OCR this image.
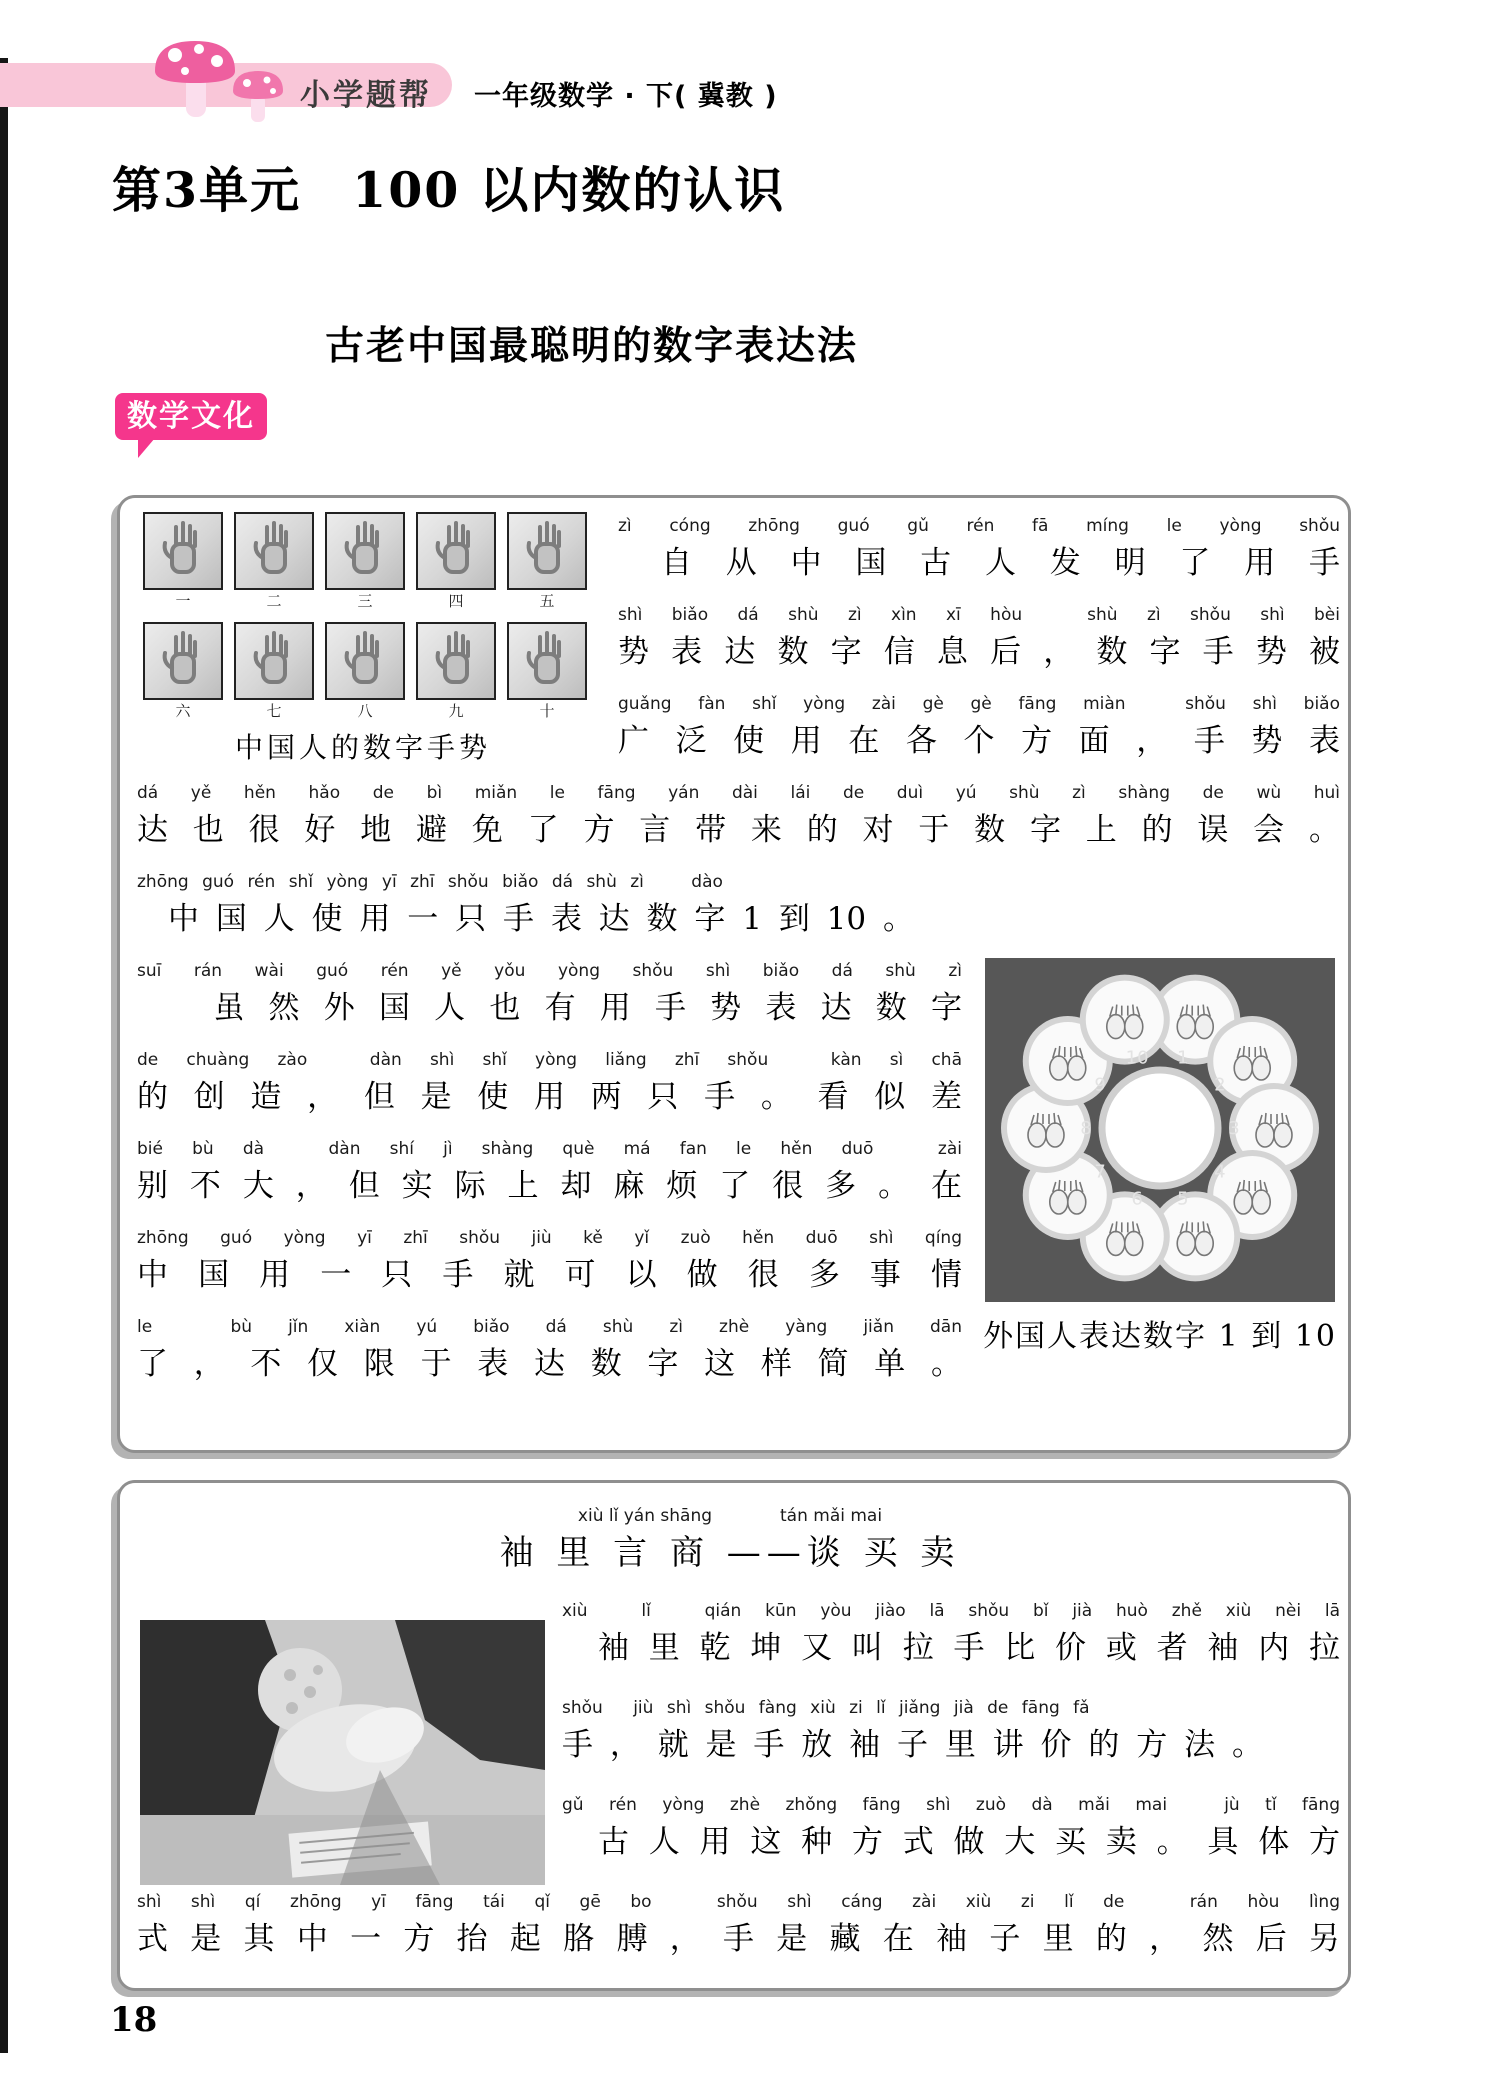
小学题帮 一年级数学 · 下( 冀教 )
第3单元　100 以内数的认识
古老中国最聪明的数字表达法
数学文化
一	二	三	四	五
六	七	八	九	十
中国人的数字手势
zì cóng zhōng guó gǔ rén fā míng le yòng shǒu
　自 从 中 国 古 人 发 明 了 用 手
shì biǎo dá shù zì xìn xī hòu　shù zì shǒu shì bèi
势 表 达 数 字 信 息 后 ， 数 字 手 势 被
guǎng fàn shǐ yòng zài gè gè fāng miàn　shǒu shì biǎo
广 泛 使 用 在 各 个 方 面 ， 手 势 表
dá yě hěn hǎo de bì miǎn le fāng yán dài lái de duì yú shù zì shàng de wù huì
达 也 很 好 地 避 免 了 方 言 带 来 的 对 于 数 字 上 的 误 会 。
zhōng guó rén shǐ yòng yī zhī shǒu biǎo dá shù zì 　　dào
　中 国 人 使 用 一 只 手 表 达 数 字 1 到 10 。
suī rán wài guó rén yě yǒu yòng shǒu shì biǎo dá shù zì
　　虽 然 外 国 人 也 有 用 手 势 表 达 数 字
de chuàng zào　dàn shì shǐ yòng liǎng zhī shǒu　kàn sì chā
的 创 造 ， 但 是 使 用 两 只 手 。 看 似 差
bié bù dà　dàn shí jì shàng què má fan le hěn duō　zài
别 不 大 ， 但 实 际 上 却 麻 烦 了 很 多 。 在
zhōng guó yòng yī zhī shǒu jiù kě yǐ zuò hěn duō shì qíng
中 国 用 一 只 手 就 可 以 做 很 多 事 情
le　bù jǐn xiàn yú biǎo dá shù zì zhè yàng jiǎn dān
了 ， 不 仅 限 于 表 达 数 字 这 样 简 单 。
1
2
3
4
5
6
7
8
9
10
外国人表达数字 1 到 10
xiù lǐ yán shāng　　　　tán mǎi mai
袖 里 言 商 ——谈 买 卖
xiù　lǐ　qián kūn yòu jiào lā shǒu bǐ jià huò zhě xiù nèi lā
　袖 里 乾 坤 又 叫 拉 手 比 价 或 者 袖 内 拉
shǒu　 jiù shì shǒu fàng xiù zi lǐ jiǎng jià de fāng fǎ
手 ， 就 是 手 放 袖 子 里 讲 价 的 方 法 。
gǔ rén yòng zhè zhǒng fāng shì zuò dà mǎi mai　jù tǐ fāng
　古 人 用 这 种 方 式 做 大 买 卖 。 具 体 方
shì shì qí zhōng yī fāng tái qǐ gē bo　shǒu shì cáng zài xiù zi lǐ de　rán hòu lìng
式 是 其 中 一 方 抬 起 胳 膊 ， 手 是 藏 在 袖 子 里 的 ， 然 后 另
18
